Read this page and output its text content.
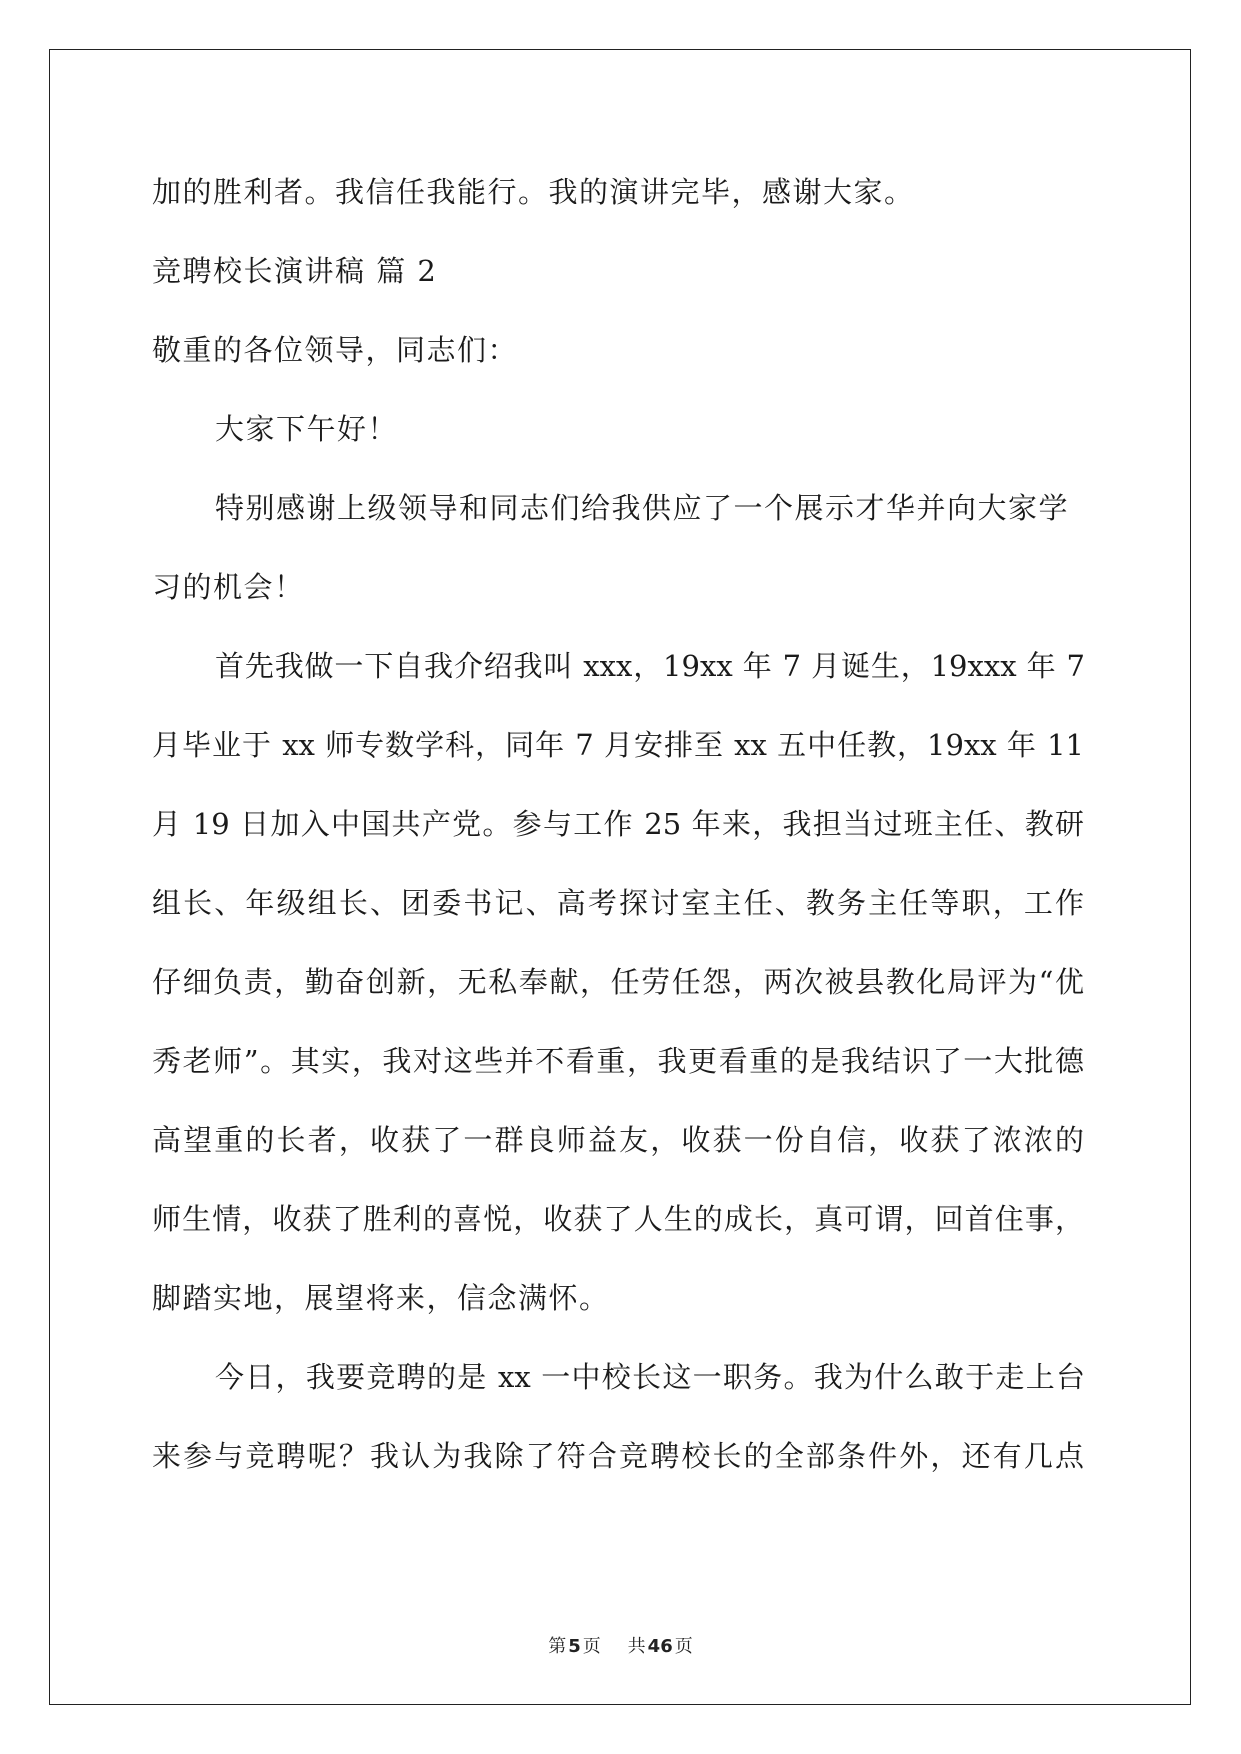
加的胜利者。我信任我能行。我的演讲完毕，感谢大家。
竞聘校长演讲稿 篇 2
敬重的各位领导，同志们：
大家下午好！
特别感谢上级领导和同志们给我供应了一个展示才华并向大家学
习的机会！
首先我做一下自我介绍我叫 xxx，19xx 年 7 月诞生，19xxx 年 7
月毕业于 xx 师专数学科，同年 7 月安排至 xx 五中任教，19xx 年 11
月 19 日加入中国共产党。参与工作 25 年来，我担当过班主任、教研
组长、年级组长、团委书记、高考探讨室主任、教务主任等职，工作
仔细负责，勤奋创新，无私奉献，任劳任怨，两次被县教化局评为“优
秀老师”。其实，我对这些并不看重，我更看重的是我结识了一大批德
高望重的长者，收获了一群良师益友，收获一份自信，收获了浓浓的
师生情，收获了胜利的喜悦，收获了人生的成长，真可谓，回首住事，
脚踏实地，展望将来，信念满怀。
今日，我要竞聘的是 xx 一中校长这一职务。我为什么敢于走上台
来参与竞聘呢？我认为我除了符合竞聘校长的全部条件外，还有几点
第 5 页 共 46 页
